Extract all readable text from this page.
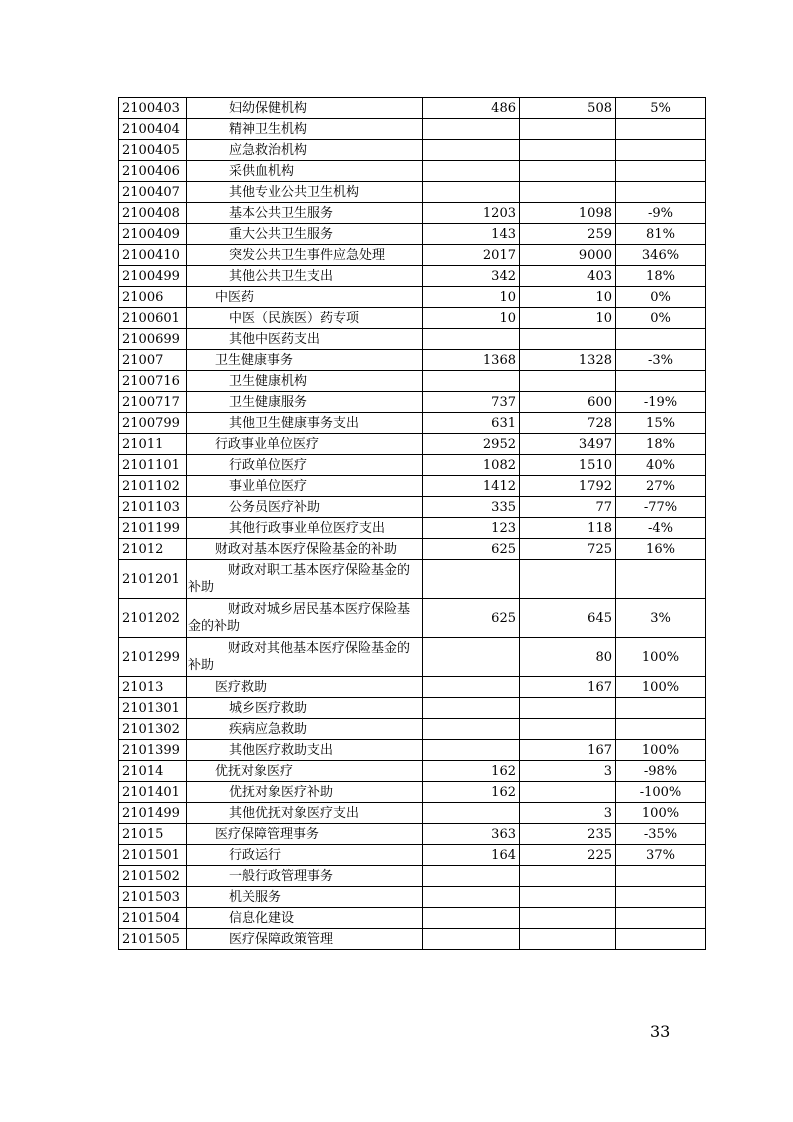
2100403	妇幼保健机构	486	508	5%
2100404	精神卫生机构			
2100405	应急救治机构			
2100406	采供血机构			
2100407	其他专业公共卫生机构			
2100408	基本公共卫生服务	1203	1098	-9%
2100409	重大公共卫生服务	143	259	81%
2100410	突发公共卫生事件应急处理	2017	9000	346%
2100499	其他公共卫生支出	342	403	18%
21006	中医药	10	10	0%
2100601	中医（民族医）药专项	10	10	0%
2100699	其他中医药支出			
21007	卫生健康事务	1368	1328	-3%
2100716	卫生健康机构			
2100717	卫生健康服务	737	600	-19%
2100799	其他卫生健康事务支出	631	728	15%
21011	行政事业单位医疗	2952	3497	18%
2101101	行政单位医疗	1082	1510	40%
2101102	事业单位医疗	1412	1792	27%
2101103	公务员医疗补助	335	77	-77%
2101199	其他行政事业单位医疗支出	123	118	-4%
21012	财政对基本医疗保险基金的补助	625	725	16%
2101201	财政对职工基本医疗保险基金的补助			
2101202	财政对城乡居民基本医疗保险基金的补助	625	645	3%
2101299	财政对其他基本医疗保险基金的补助		80	100%
21013	医疗救助		167	100%
2101301	城乡医疗救助			
2101302	疾病应急救助			
2101399	其他医疗救助支出		167	100%
21014	优抚对象医疗	162	3	-98%
2101401	优抚对象医疗补助	162		-100%
2101499	其他优抚对象医疗支出		3	100%
21015	医疗保障管理事务	363	235	-35%
2101501	行政运行	164	225	37%
2101502	一般行政管理事务			
2101503	机关服务			
2101504	信息化建设			
2101505	医疗保障政策管理			
33
